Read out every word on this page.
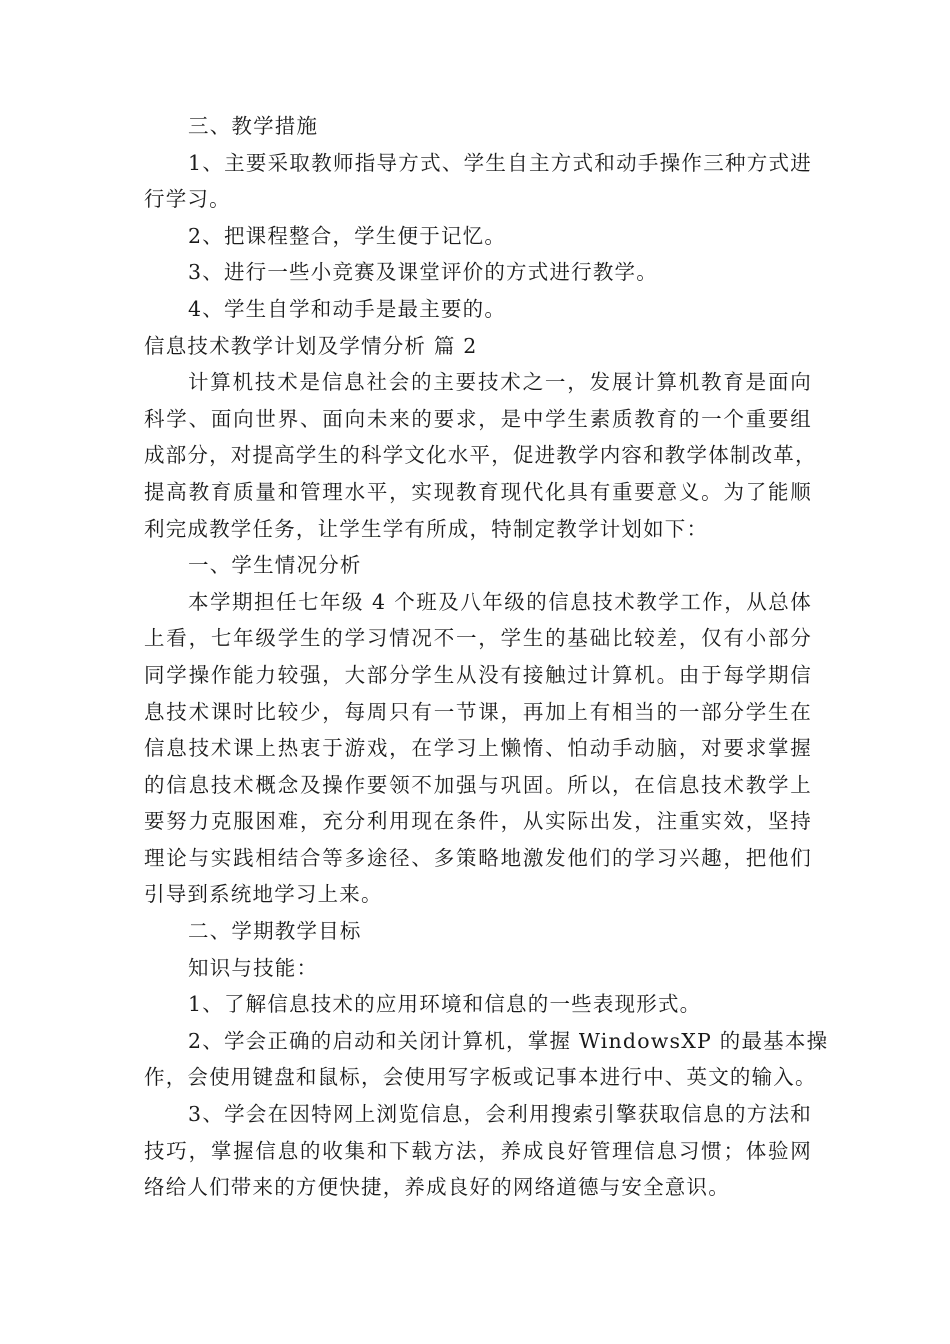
三、教学措施
1、主要采取教师指导方式、学生自主方式和动手操作三种方式进
行学习。
2、把课程整合，学生便于记忆。
3、进行一些小竞赛及课堂评价的方式进行教学。
4、学生自学和动手是最主要的。
信息技术教学计划及学情分析 篇 2
计算机技术是信息社会的主要技术之一，发展计算机教育是面向
科学、面向世界、面向未来的要求，是中学生素质教育的一个重要组
成部分，对提高学生的科学文化水平，促进教学内容和教学体制改革，
提高教育质量和管理水平，实现教育现代化具有重要意义。为了能顺
利完成教学任务，让学生学有所成，特制定教学计划如下：
一、学生情况分析
本学期担任七年级 4 个班及八年级的信息技术教学工作，从总体
上看，七年级学生的学习情况不一，学生的基础比较差，仅有小部分
同学操作能力较强，大部分学生从没有接触过计算机。由于每学期信
息技术课时比较少，每周只有一节课，再加上有相当的一部分学生在
信息技术课上热衷于游戏，在学习上懒惰、怕动手动脑，对要求掌握
的信息技术概念及操作要领不加强与巩固。所以，在信息技术教学上
要努力克服困难，充分利用现在条件，从实际出发，注重实效，坚持
理论与实践相结合等多途径、多策略地激发他们的学习兴趣，把他们
引导到系统地学习上来。
二、学期教学目标
知识与技能：
1、了解信息技术的应用环境和信息的一些表现形式。
2、学会正确的启动和关闭计算机，掌握 WindowsXP 的最基本操
作，会使用键盘和鼠标，会使用写字板或记事本进行中、英文的输入。
3、学会在因特网上浏览信息，会利用搜索引擎获取信息的方法和
技巧，掌握信息的收集和下载方法，养成良好管理信息习惯；体验网
络给人们带来的方便快捷，养成良好的网络道德与安全意识。
